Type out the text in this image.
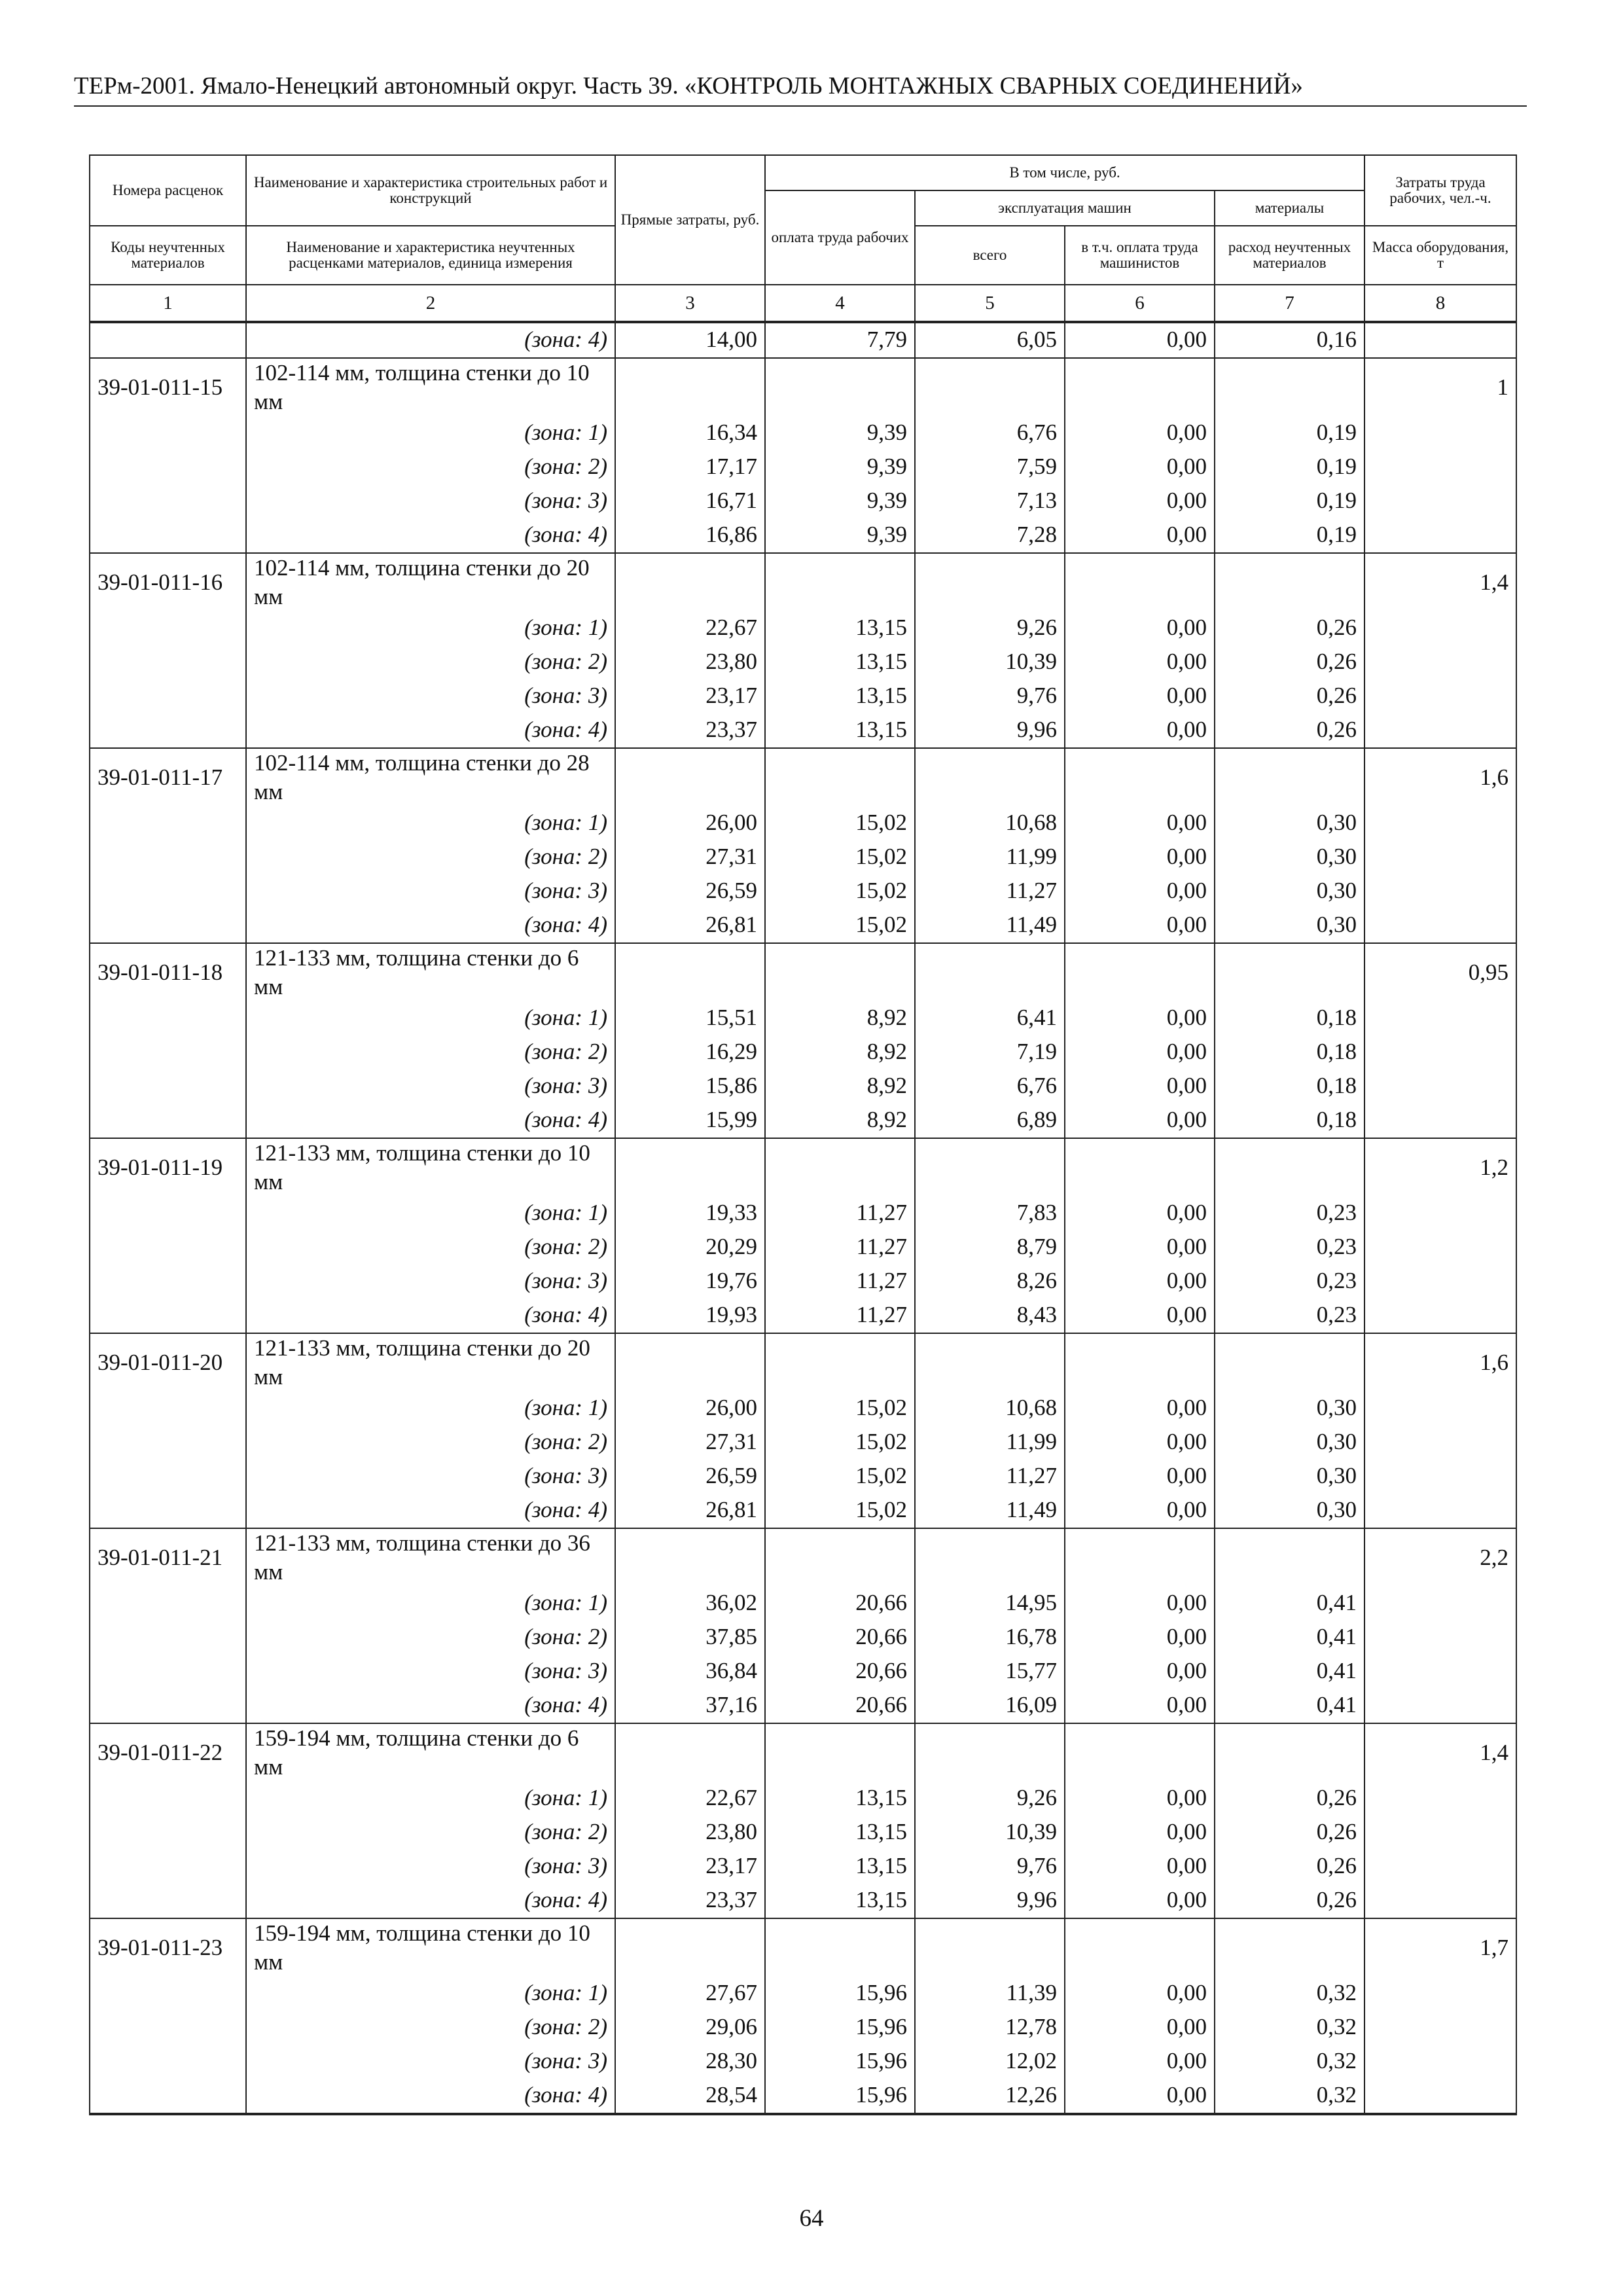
ТЕРм-2001. Ямало-Ненецкий автономный округ. Часть 39. «КОНТРОЛЬ МОНТАЖНЫХ СВАРНЫХ СОЕДИНЕНИЙ»
Номера расценок	Наименование и характеристика строительных работ и конструкций	Прямые затраты, руб.	В том числе, руб.				Затраты труда рабочих, чел.-ч.
			оплата труда рабочих	эксплуатация машин		материалы	

Коды неучтенных материалов	Наименование и характеристика неучтенных расценками материалов, единица измерения			всего	в т.ч. оплата труда машинистов	расход неучтенных материалов	Масса оборудования, т

1	2	3	4	5	6	7	8
	(зона: 4)	14,00	7,79	6,05	0,00	0,16	
39-01-011-15	102-114 мм, толщина стенки до 10 мм						1
	(зона: 1)	16,34	9,39	6,76	0,00	0,19	
	(зона: 2)	17,17	9,39	7,59	0,00	0,19	
	(зона: 3)	16,71	9,39	7,13	0,00	0,19	
	(зона: 4)	16,86	9,39	7,28	0,00	0,19	
39-01-011-16	102-114 мм, толщина стенки до 20 мм						1,4
	(зона: 1)	22,67	13,15	9,26	0,00	0,26	
	(зона: 2)	23,80	13,15	10,39	0,00	0,26	
	(зона: 3)	23,17	13,15	9,76	0,00	0,26	
	(зона: 4)	23,37	13,15	9,96	0,00	0,26	
39-01-011-17	102-114 мм, толщина стенки до 28 мм						1,6
	(зона: 1)	26,00	15,02	10,68	0,00	0,30	
	(зона: 2)	27,31	15,02	11,99	0,00	0,30	
	(зона: 3)	26,59	15,02	11,27	0,00	0,30	
	(зона: 4)	26,81	15,02	11,49	0,00	0,30	
39-01-011-18	121-133 мм, толщина стенки до 6 мм						0,95
	(зона: 1)	15,51	8,92	6,41	0,00	0,18	
	(зона: 2)	16,29	8,92	7,19	0,00	0,18	
	(зона: 3)	15,86	8,92	6,76	0,00	0,18	
	(зона: 4)	15,99	8,92	6,89	0,00	0,18	
39-01-011-19	121-133 мм, толщина стенки до 10 мм						1,2
	(зона: 1)	19,33	11,27	7,83	0,00	0,23	
	(зона: 2)	20,29	11,27	8,79	0,00	0,23	
	(зона: 3)	19,76	11,27	8,26	0,00	0,23	
	(зона: 4)	19,93	11,27	8,43	0,00	0,23	
39-01-011-20	121-133 мм, толщина стенки до 20 мм						1,6
	(зона: 1)	26,00	15,02	10,68	0,00	0,30	
	(зона: 2)	27,31	15,02	11,99	0,00	0,30	
	(зона: 3)	26,59	15,02	11,27	0,00	0,30	
	(зона: 4)	26,81	15,02	11,49	0,00	0,30	
39-01-011-21	121-133 мм, толщина стенки до 36 мм						2,2
	(зона: 1)	36,02	20,66	14,95	0,00	0,41	
	(зона: 2)	37,85	20,66	16,78	0,00	0,41	
	(зона: 3)	36,84	20,66	15,77	0,00	0,41	
	(зона: 4)	37,16	20,66	16,09	0,00	0,41	
39-01-011-22	159-194 мм, толщина стенки до 6 мм						1,4
	(зона: 1)	22,67	13,15	9,26	0,00	0,26	
	(зона: 2)	23,80	13,15	10,39	0,00	0,26	
	(зона: 3)	23,17	13,15	9,76	0,00	0,26	
	(зона: 4)	23,37	13,15	9,96	0,00	0,26	
39-01-011-23	159-194 мм, толщина стенки до 10 мм						1,7
	(зона: 1)	27,67	15,96	11,39	0,00	0,32	
	(зона: 2)	29,06	15,96	12,78	0,00	0,32	
	(зона: 3)	28,30	15,96	12,02	0,00	0,32	
	(зона: 4)	28,54	15,96	12,26	0,00	0,32	
64
